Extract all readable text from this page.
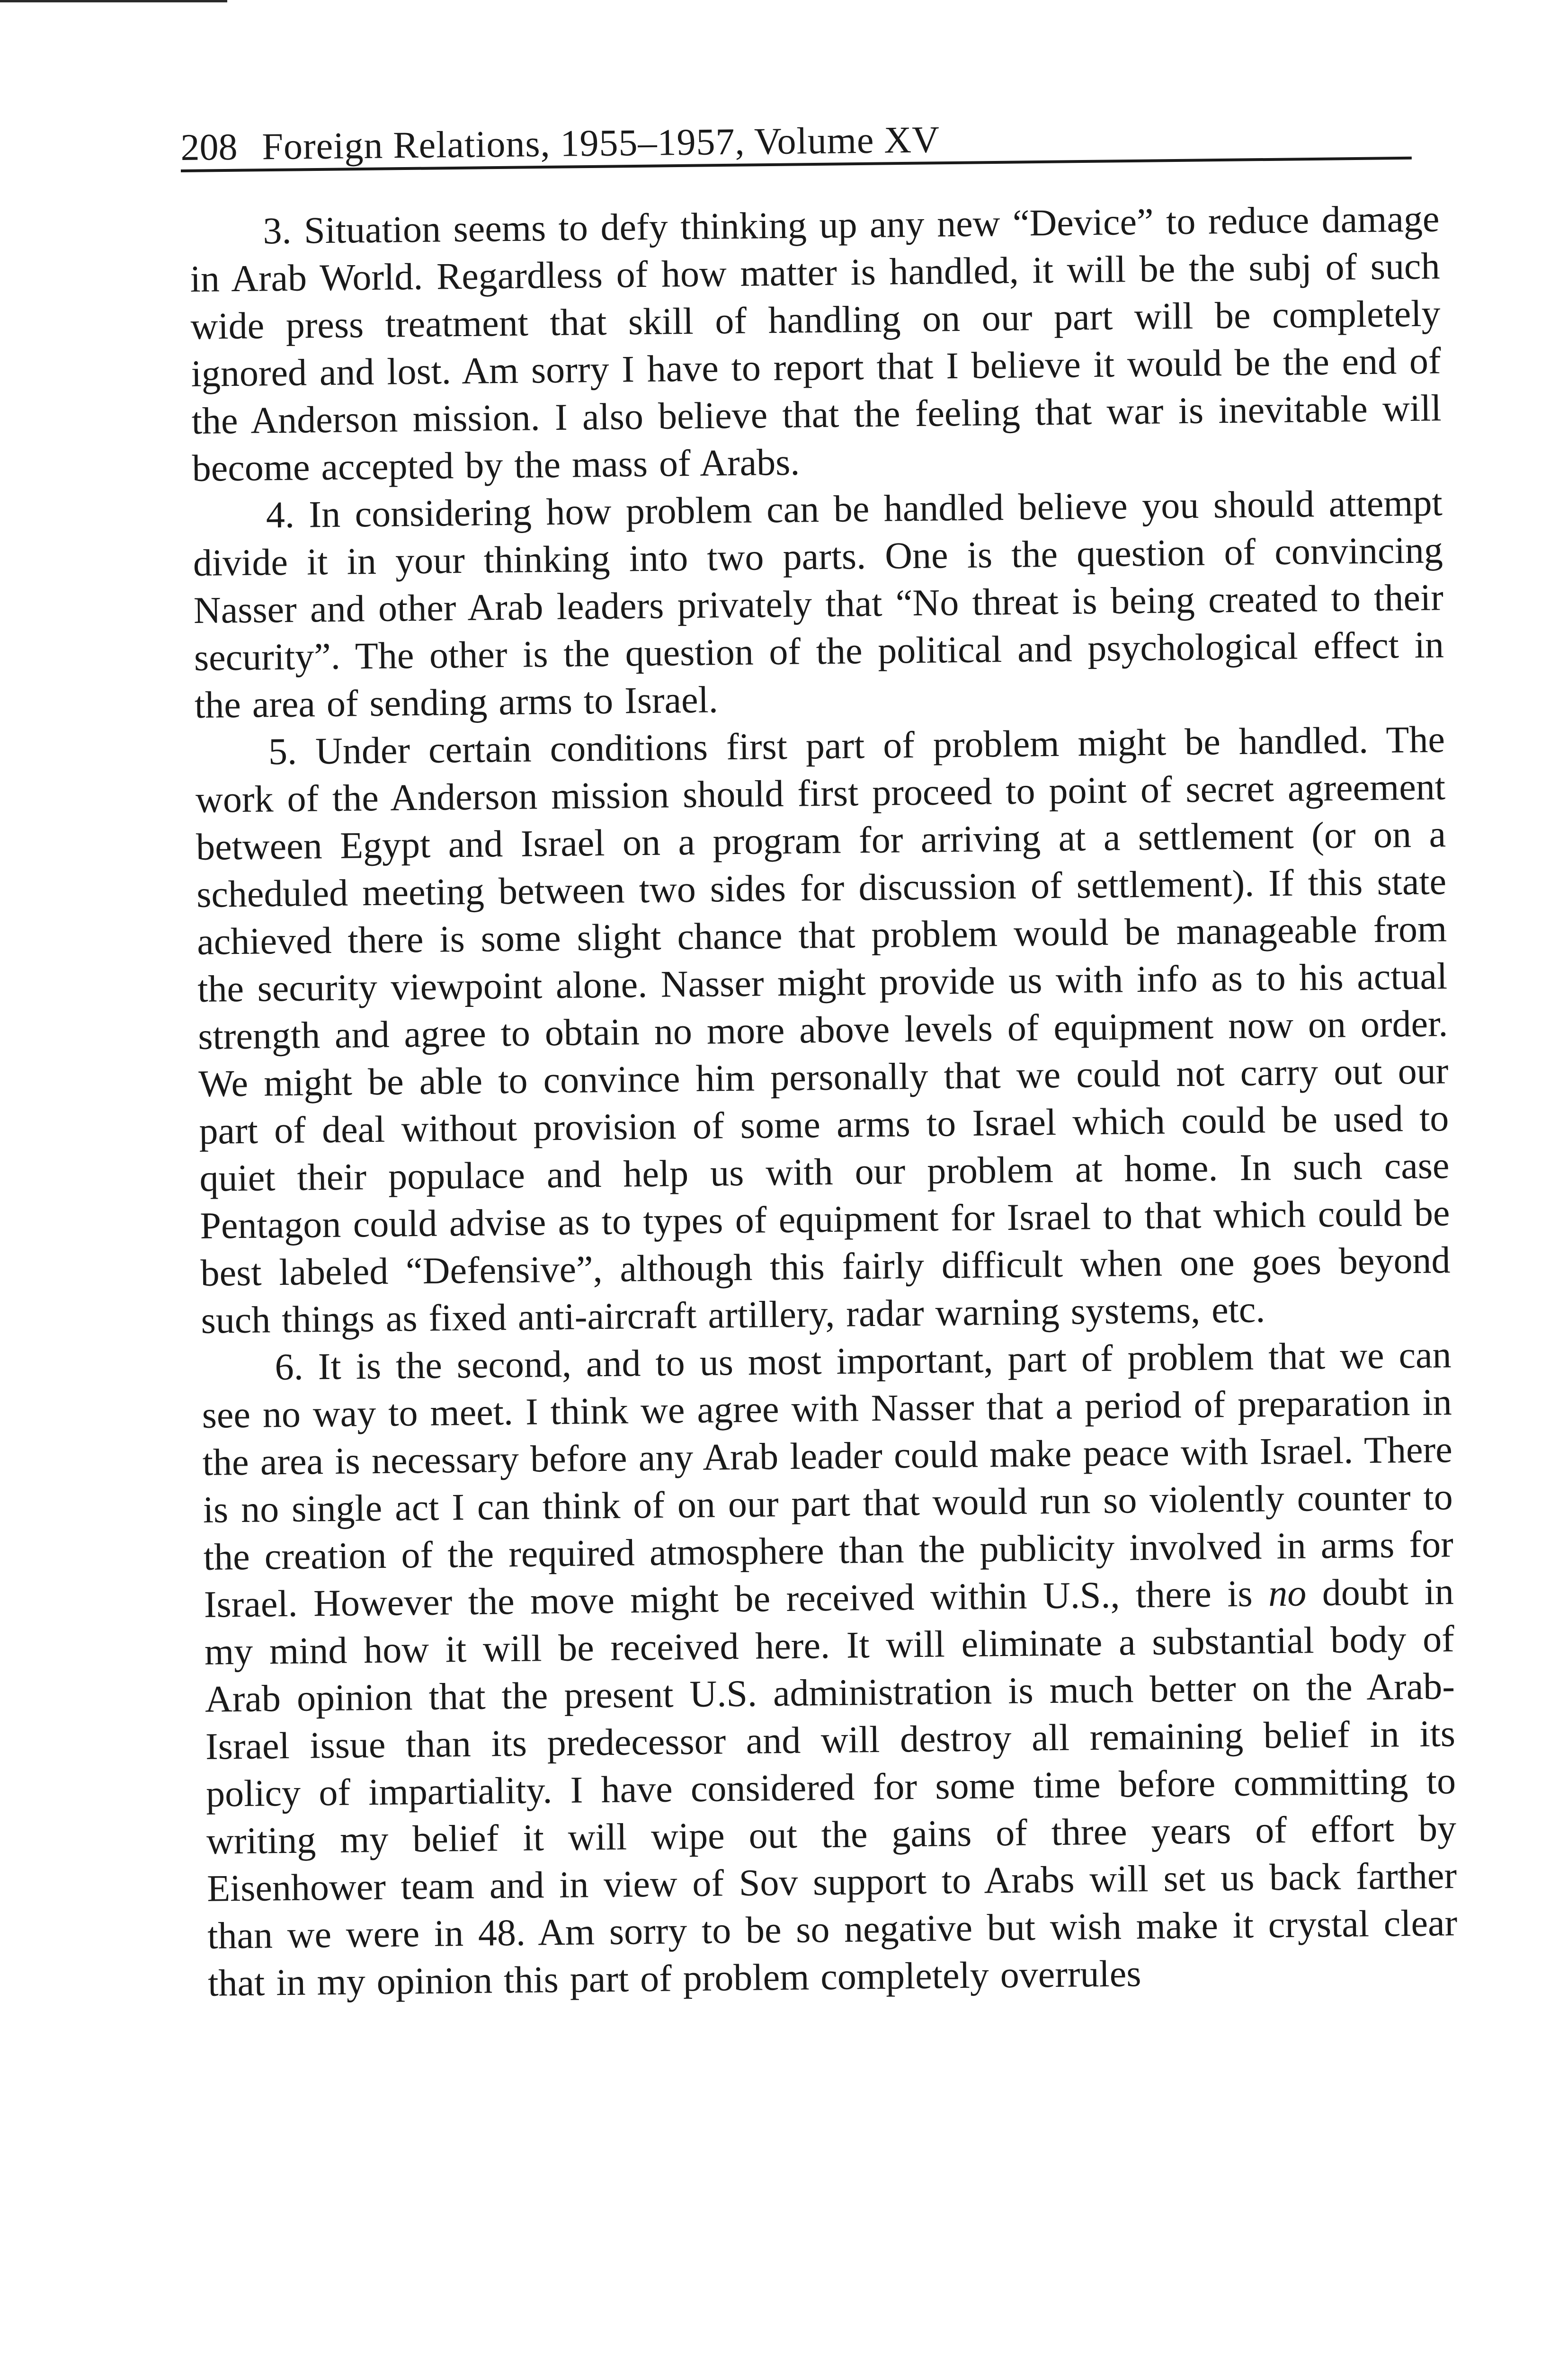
208 Foreign Relations, 1955–1957, Volume XV

3. Situation seems to defy thinking up any new “Device” to reduce damage in Arab World. Regardless of how matter is handled, it will be the subj of such wide press treatment that skill of handling on our part will be completely ignored and lost. Am sorry I have to report that I believe it would be the end of the Anderson mission. I also believe that the feeling that war is inevitable will become accepted by the mass of Arabs.

4. In considering how problem can be handled believe you should attempt divide it in your thinking into two parts. One is the question of convincing Nasser and other Arab leaders privately that “No threat is being created to their security”. The other is the question of the political and psychological effect in the area of sending arms to Israel.

5. Under certain conditions first part of problem might be handled. The work of the Anderson mission should first proceed to point of secret agreement between Egypt and Israel on a program for arriving at a settlement (or on a scheduled meeting between two sides for discussion of settlement). If this state achieved there is some slight chance that problem would be manageable from the security viewpoint alone. Nasser might provide us with info as to his actual strength and agree to obtain no more above levels of equipment now on order. We might be able to convince him personally that we could not carry out our part of deal without provision of some arms to Israel which could be used to quiet their populace and help us with our problem at home. In such case Pentagon could advise as to types of equipment for Israel to that which could be best labeled “Defensive”, although this fairly difficult when one goes beyond such things as fixed anti-aircraft artillery, radar warning systems, etc.

6. It is the second, and to us most important, part of problem that we can see no way to meet. I think we agree with Nasser that a period of preparation in the area is necessary before any Arab leader could make peace with Israel. There is no single act I can think of on our part that would run so violently counter to the creation of the required atmosphere than the publicity involved in arms for Israel. However the move might be received within U.S., there is no doubt in my mind how it will be received here. It will eliminate a substantial body of Arab opinion that the present U.S. administration is much better on the Arab-Israel issue than its predecessor and will destroy all remaining belief in its policy of impartiality. I have considered for some time before committing to writing my belief it will wipe out the gains of three years of effort by Eisenhower team and in view of Sov support to Arabs will set us back farther than we were in 48. Am sorry to be so negative but wish make it crystal clear that in my opinion this part of problem completely overrules
